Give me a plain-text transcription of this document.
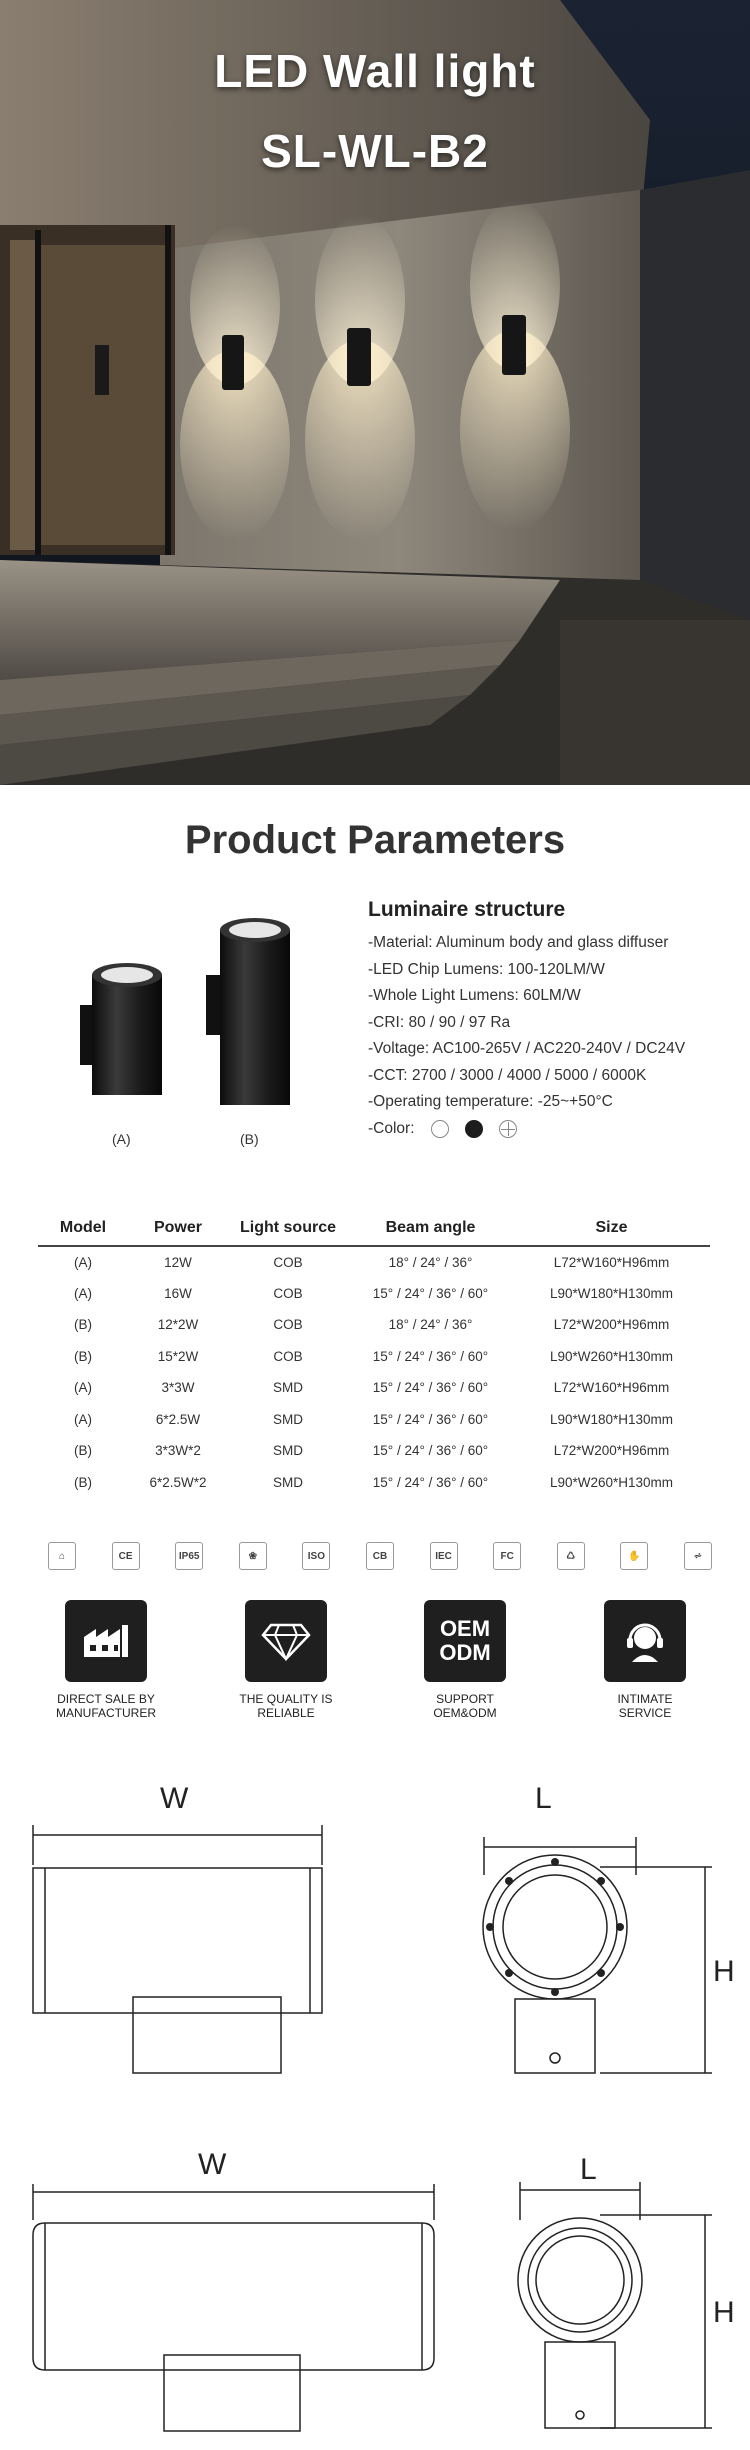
LED Wall light
SL-WL-B2
Product Parameters
(A)	(B)
Luminaire structure
-Material: Aluminum body and glass diffuser
-LED Chip Lumens: 100-120LM/W
-Whole Light Lumens: 60LM/W
-CRI: 80 / 90 / 97 Ra
-Voltage: AC100-265V / AC220-240V / DC24V
-CCT: 2700 / 3000 / 4000 / 5000 / 6000K
-Operating temperature: -25~+50°C
-Color:
Model	Power	Light source	Beam angle	Size
(A)	12W	COB	18° / 24° / 36°	L72*W160*H96mm
(A)	16W	COB	15° / 24° / 36° / 60°	L90*W180*H130mm
(B)	12*2W	COB	18° / 24° / 36°	L72*W200*H96mm
(B)	15*2W	COB	15° / 24° / 36° / 60°	L90*W260*H130mm
(A)	3*3W	SMD	15° / 24° / 36° / 60°	L72*W160*H96mm
(A)	6*2.5W	SMD	15° / 24° / 36° / 60°	L90*W180*H130mm
(B)	3*3W*2	SMD	15° / 24° / 36° / 60°	L72*W200*H96mm
(B)	6*2.5W*2	SMD	15° / 24° / 36° / 60°	L90*W260*H130mm
⌂	CE	IP65	❀	ISO	CB	IEC	FC	♺	✋	⩫
DIRECT SALE BY
MANUFACTURER
THE QUALITY IS
RELIABLE
OEM
ODM
SUPPORT
OEM&ODM
INTIMATE
SERVICE
W	L
H
W	L
H
